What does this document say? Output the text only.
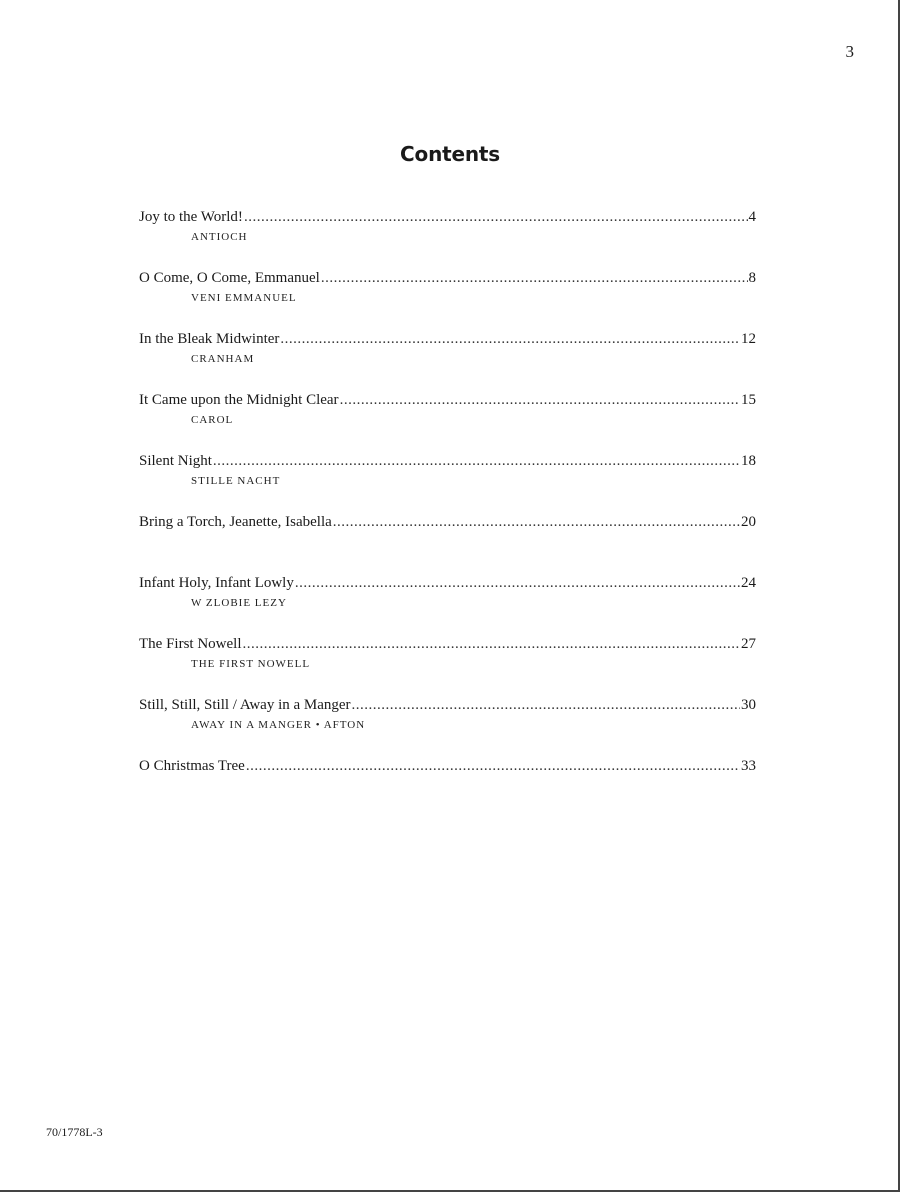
3
Contents
Joy to the World! .....	4
ANTIOCH
O Come, O Come, Emmanuel .....	8
VENI EMMANUEL
In the Bleak Midwinter .....	12
CRANHAM
It Came upon the Midnight Clear .....	15
CAROL
Silent Night .....	18
STILLE NACHT
Bring a Torch, Jeanette, Isabella .....	20
Infant Holy, Infant Lowly .....	24
W ZLOBIE LEZY
The First Nowell .....	27
THE FIRST NOWELL
Still, Still, Still / Away in a Manger .....	30
AWAY IN A MANGER • AFTON
O Christmas Tree .....	33
70/1778L-3
